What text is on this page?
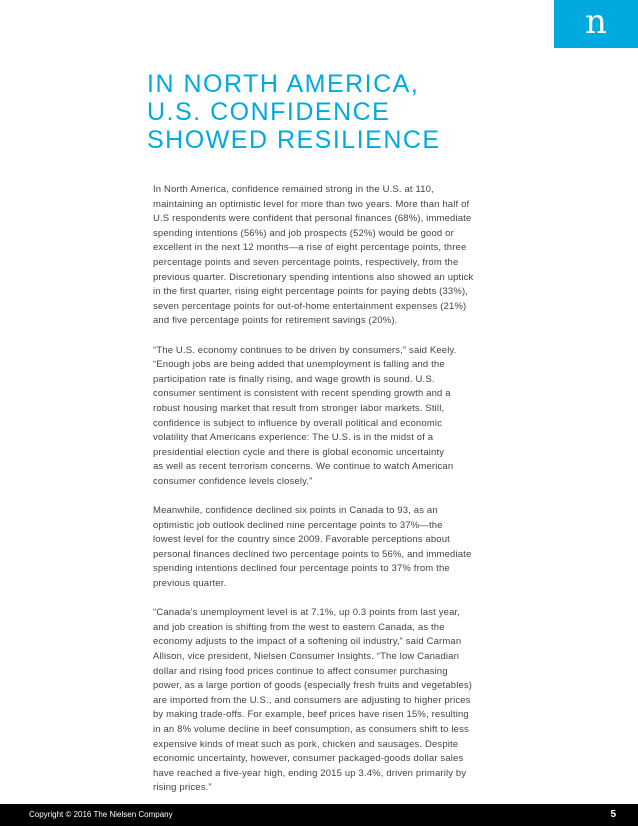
n
IN NORTH AMERICA,
U.S. CONFIDENCE
SHOWED RESILIENCE

In North America, confidence remained strong in the U.S. at 110,
maintaining an optimistic level for more than two years. More than half of
U.S respondents were confident that personal finances (68%), immediate
spending intentions (56%) and job prospects (52%) would be good or
excellent in the next 12 months—a rise of eight percentage points, three
percentage points and seven percentage points, respectively, from the
previous quarter. Discretionary spending intentions also showed an uptick
in the first quarter, rising eight percentage points for paying debts (33%),
seven percentage points for out-of-home entertainment expenses (21%)
and five percentage points for retirement savings (20%).

“The U.S. economy continues to be driven by consumers,” said Keely.
“Enough jobs are being added that unemployment is falling and the
participation rate is finally rising, and wage growth is sound. U.S.
consumer sentiment is consistent with recent spending growth and a
robust housing market that result from stronger labor markets. Still,
confidence is subject to influence by overall political and economic
volatility that Americans experience: The U.S. is in the midst of a
presidential election cycle and there is global economic uncertainty
as well as recent terrorism concerns. We continue to watch American
consumer confidence levels closely.”

Meanwhile, confidence declined six points in Canada to 93, as an
optimistic job outlook declined nine percentage points to 37%—the
lowest level for the country since 2009. Favorable perceptions about
personal finances declined two percentage points to 56%, and immediate
spending intentions declined four percentage points to 37% from the
previous quarter.

“Canada’s unemployment level is at 7.1%, up 0.3 points from last year,
and job creation is shifting from the west to eastern Canada, as the
economy adjusts to the impact of a softening oil industry,” said Carman
Allison, vice president, Nielsen Consumer Insights. “The low Canadian
dollar and rising food prices continue to affect consumer purchasing
power, as a large portion of goods (especially fresh fruits and vegetables)
are imported from the U.S., and consumers are adjusting to higher prices
by making trade-offs. For example, beef prices have risen 15%, resulting
in an 8% volume decline in beef consumption, as consumers shift to less
expensive kinds of meat such as pork, chicken and sausages. Despite
economic uncertainty, however, consumer packaged-goods dollar sales
have reached a five-year high, ending 2015 up 3.4%, driven primarily by
rising prices.”

Copyright © 2016 The Nielsen Company	5
